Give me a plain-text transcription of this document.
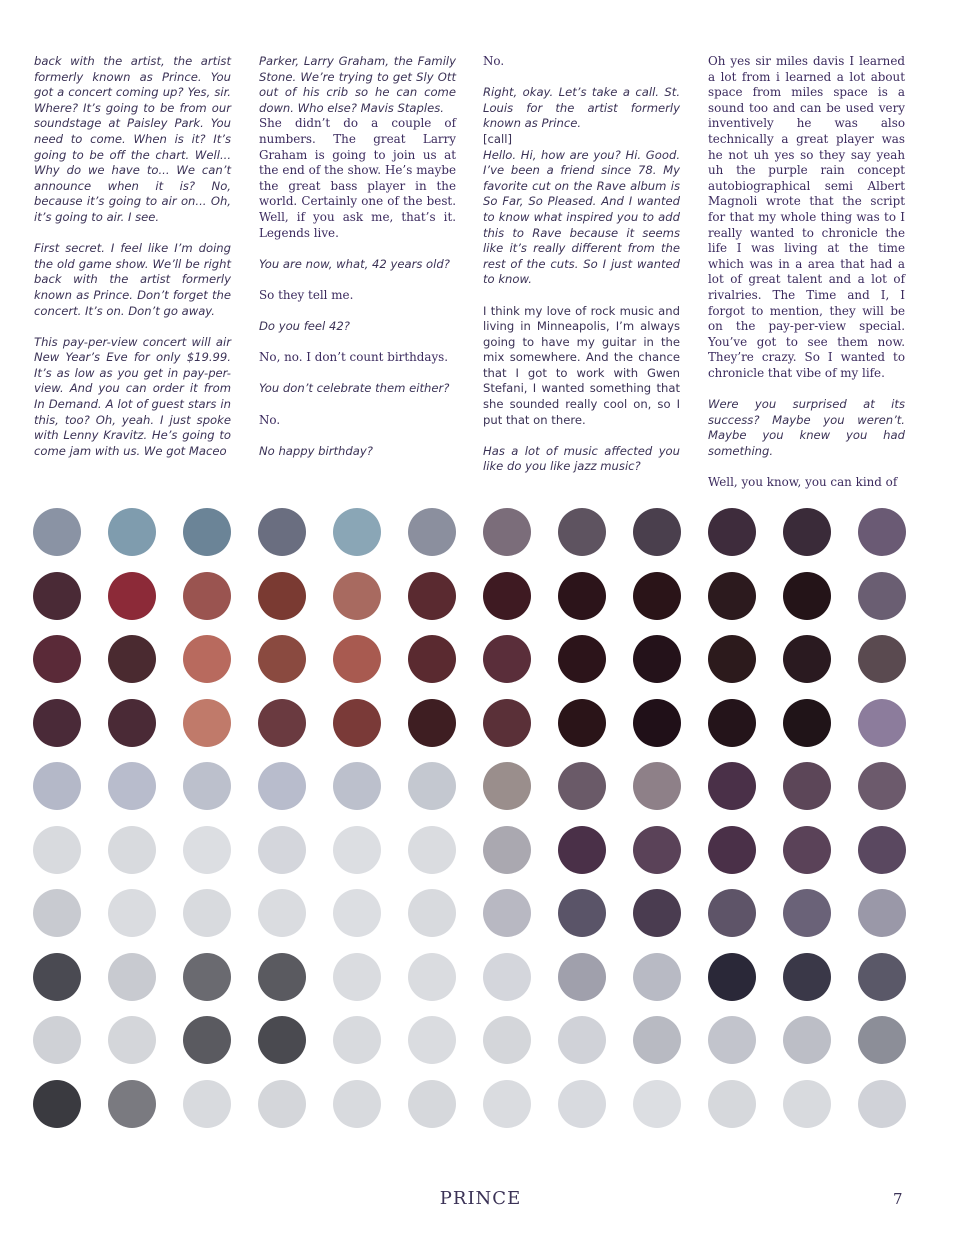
back with the artist, the artist formerly known as Prince. You got a concert coming up? Yes, sir. Where? It’s going to be from our soundstage at Paisley Park. You need to come. When is it? It’s going to be off the chart. Well... Why do we have to... We can’t announce when it is? No, because it’s going to air on... Oh, it’s going to air. I see.

First secret. I feel like I’m doing the old game show. We’ll be right back with the artist formerly known as Prince. Don’t forget the concert. It’s on. Don’t go away.

This pay-per-view concert will air New Year’s Eve for only $19.99. It’s as low as you get in pay-per-view. And you can order it from In Demand. A lot of guest stars in this, too? Oh, yeah. I just spoke with Lenny Kravitz. He’s going to come jam with us. We got Maceo

Parker, Larry Graham, the Family Stone. We’re trying to get Sly Ott out of his crib so he can come down. Who else? Mavis Staples.

She didn’t do a couple of numbers. The great Larry Graham is going to join us at the end of the show. He’s maybe the great bass player in the world. Certainly one of the best. Well, if you ask me, that’s it. Legends live.

You are now, what, 42 years old?

So they tell me.

Do you feel 42?

No, no. I don’t count birthdays.

You don’t celebrate them either?

No.

No happy birthday?

No.

Right, okay. Let’s take a call. St. Louis for the artist formerly known as Prince.

[call]

Hello. Hi, how are you? Hi. Good. I’ve been a friend since 78. My favorite cut on the Rave album is So Far, So Pleased. And I wanted to know what inspired you to add this to Rave because it seems like it’s really different from the rest of the cuts. So I just wanted to know.

I think my love of rock music and living in Minneapolis, I’m always going to have my guitar in the mix somewhere. And the chance that I got to work with Gwen Stefani, I wanted something that she sounded really cool on, so I put that on there.

Has a lot of music affected you like do you like jazz music?

Oh yes sir miles davis I learned a lot from i learned a lot about space from miles space is a sound too and can be used very inventively he was also technically a great player was he not uh yes so they say yeah uh the purple rain concept autobiographical semi Albert Magnoli wrote that the script for that my whole thing was to I really wanted to chronicle the life I was living at the time which was in a area that had a lot of great talent and a lot of rivalries. The Time and I, I forgot to mention, they will be on the pay-per-view special. You’ve got to see them now. They’re crazy. So I wanted to chronicle that vibe of my life.

Were you surprised at its success? Maybe you weren’t. Maybe you knew you had something.

Well, you know, you can kind of

PRINCE	7
